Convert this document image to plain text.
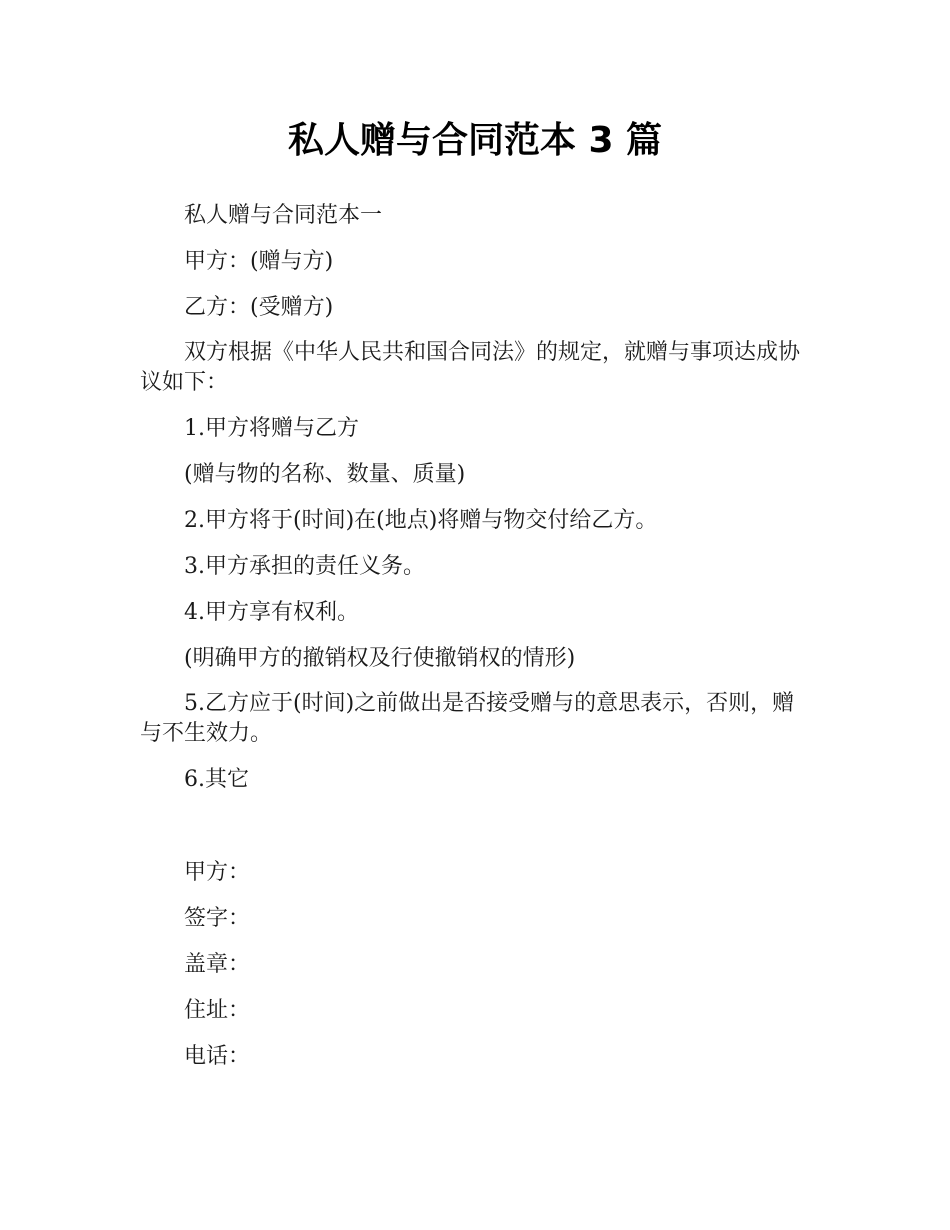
私人赠与合同范本 3 篇

私人赠与合同范本一

甲方：(赠与方)

乙方：(受赠方)

双方根据《中华人民共和国合同法》的规定，就赠与事项达成协议如下：

1.甲方将赠与乙方

(赠与物的名称、数量、质量)

2.甲方将于(时间)在(地点)将赠与物交付给乙方。

3.甲方承担的责任义务。

4.甲方享有权利。

(明确甲方的撤销权及行使撤销权的情形)

5.乙方应于(时间)之前做出是否接受赠与的意思表示，否则，赠与不生效力。

6.其它

甲方：

签字：

盖章：

住址：

电话：
